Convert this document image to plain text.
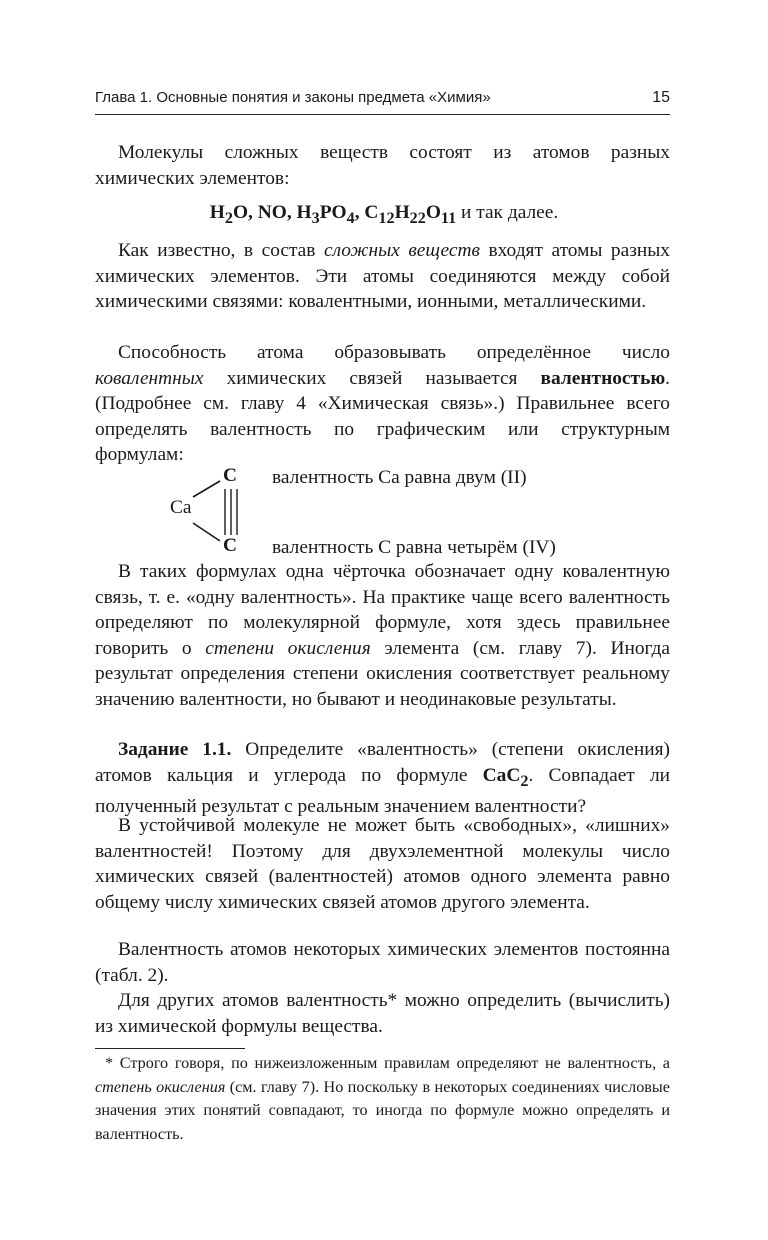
Глава 1. Основные понятия и законы предмета «Химия»	15

Молекулы сложных веществ состоят из атомов разных химических элементов:

$H_2O$, NO, $H_3PO_4$, $C_{12}H_{22}O_{11}$ и так далее.

Как известно, в состав сложных веществ входят атомы разных химических элементов. Эти атомы соединяются между собой химическими связями: ковалентными, ионными, металлическими.

Способность атома образовывать определённое число ковалентных химических связей называется валентностью. (Подробнее см. главу 4 «Химическая связь».) Правильнее всего определять валентность по графическим или структурным формулам:

C
Ca
C
валентность Ca равна двум (II)
валентность C равна четырём (IV)

В таких формулах одна чёрточка обозначает одну ковалентную связь, т. е. «одну валентность». На практике чаще всего валентность определяют по молекулярной формуле, хотя здесь правильнее говорить о степени окисления элемента (см. главу 7). Иногда результат определения степени окисления соответствует реальному значению валентности, но бывают и неодинаковые результаты.

Задание 1.1. Определите «валентность» (степени окисления) атомов кальция и углерода по формуле CaC$_2$. Совпадает ли полученный результат с реальным значением валентности?

В устойчивой молекуле не может быть «свободных», «лишних» валентностей! Поэтому для двухэлементной молекулы число химических связей (валентностей) атомов одного элемента равно общему числу химических связей атомов другого элемента.

Валентность атомов некоторых химических элементов постоянна (табл. 2).

Для других атомов валентность* можно определить (вычислить) из химической формулы вещества.

* Строго говоря, по нижеизложенным правилам определяют не валентность, а степень окисления (см. главу 7). Но поскольку в некоторых соединениях числовые значения этих понятий совпадают, то иногда по формуле можно определять и валентность.
